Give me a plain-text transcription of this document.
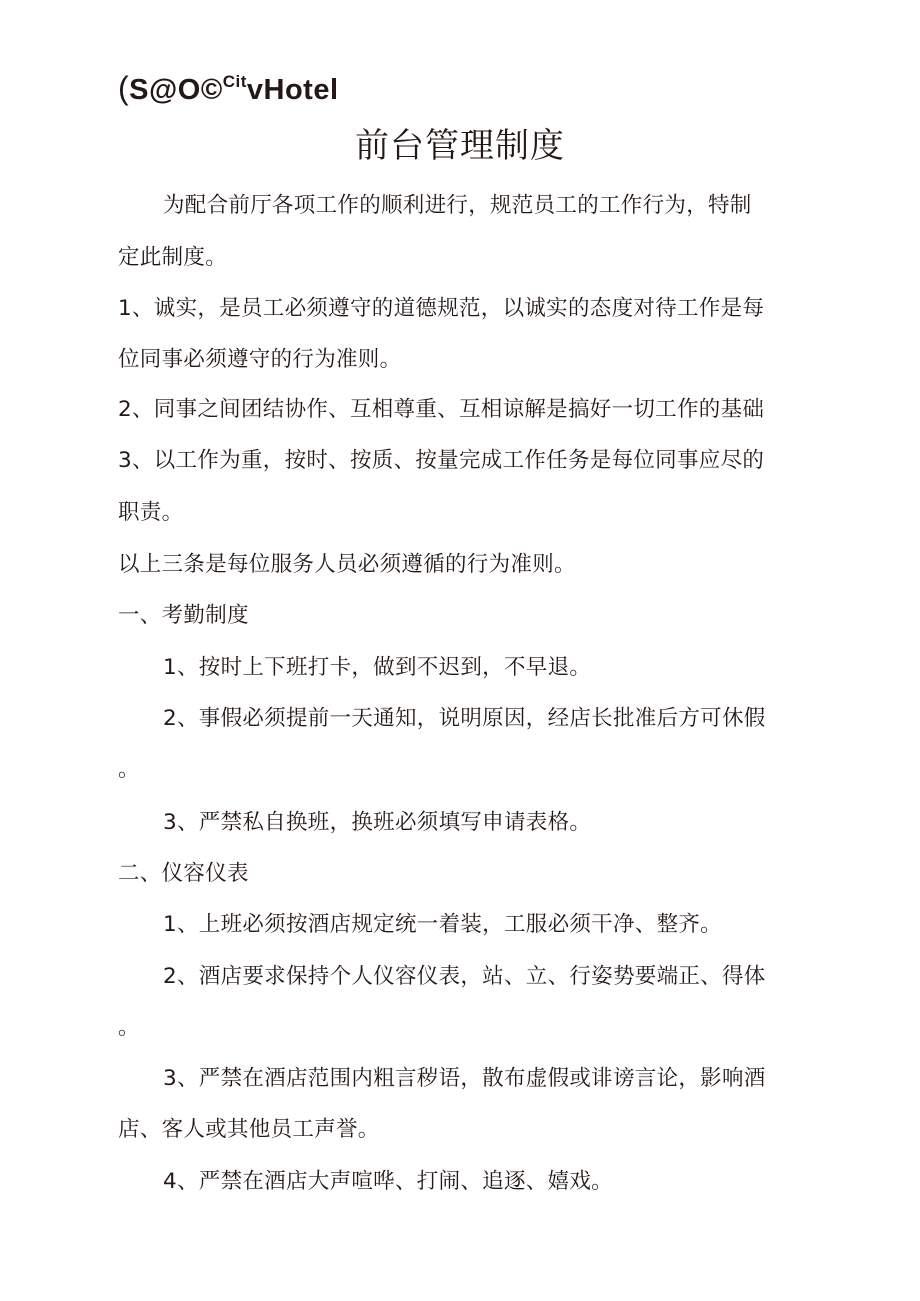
(S@O©$^{Cit}$vHotel
前台管理制度
为配合前厅各项工作的顺利进行，规范员工的工作行为，特制
定此制度。
1、诚实，是员工必须遵守的道德规范，以诚实的态度对待工作是每
位同事必须遵守的行为准则。
2、同事之间团结协作、互相尊重、互相谅解是搞好一切工作的基础
3、以工作为重，按时、按质、按量完成工作任务是每位同事应尽的
职责。
以上三条是每位服务人员必须遵循的行为准则。
一、考勤制度
1、按时上下班打卡，做到不迟到，不早退。
2、事假必须提前一天通知，说明原因，经店长批准后方可休假
。
3、严禁私自换班，换班必须填写申请表格。
二、仪容仪表
1、上班必须按酒店规定统一着装，工服必须干净、整齐。
2、酒店要求保持个人仪容仪表，站、立、行姿势要端正、得体
。
3、严禁在酒店范围内粗言秽语，散布虚假或诽谤言论，影响酒
店、客人或其他员工声誉。
4、严禁在酒店大声喧哗、打闹、追逐、嬉戏。
